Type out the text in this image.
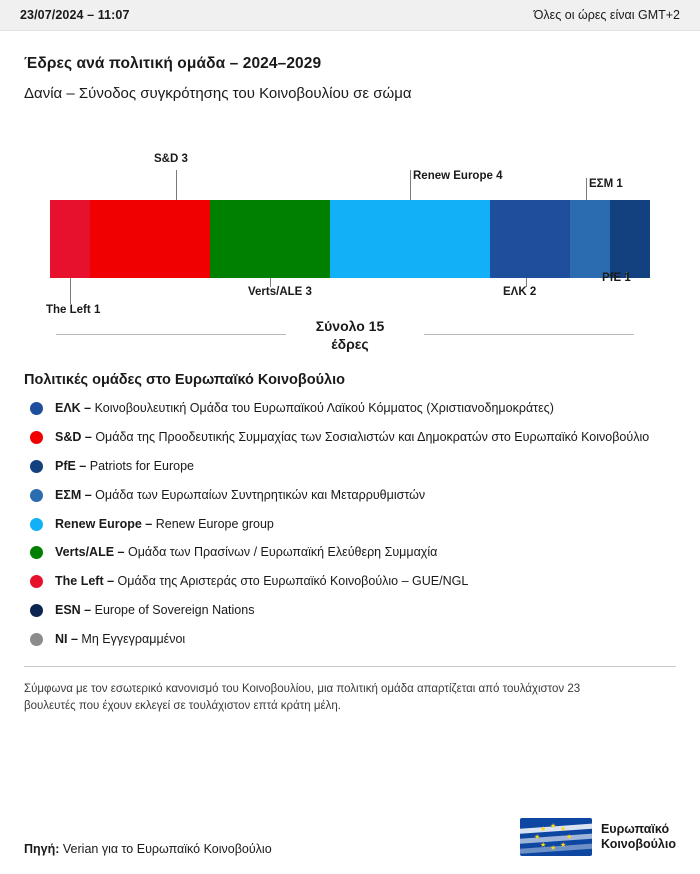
23/07/2024 – 11:07	Όλες οι ώρες είναι GMT+2
Έδρες ανά πολιτική ομάδα – 2024–2029
Δανία – Σύνοδος συγκρότησης του Κοινοβουλίου σε σώμα
S&D 3
Renew Europe 4
ΕΣΜ 1
The Left 1
Verts/ALE 3	ΕΛΚ 2
PfE 1
Σύνολο 15
έδρες
Πολιτικές ομάδες στο Ευρωπαϊκό Κοινοβούλιο
ΕΛΚ – Κοινοβουλευτική Ομάδα του Ευρωπαϊκού Λαϊκού Κόμματος (Χριστιανοδημοκράτες)
S&D – Ομάδα της Προοδευτικής Συμμαχίας των Σοσιαλιστών και Δημοκρατών στο Ευρωπαϊκό Κοινοβούλιο
PfE – Patriots for Europe
ΕΣΜ – Ομάδα των Ευρωπαίων Συντηρητικών και Μεταρρυθμιστών
Renew Europe – Renew Europe group
Verts/ALE – Ομάδα των Πρασίνων / Ευρωπαϊκή Ελεύθερη Συμμαχία
The Left – Ομάδα της Αριστεράς στο Ευρωπαϊκό Κοινοβούλιο – GUE/NGL
ESN – Europe of Sovereign Nations
NI – Μη Εγγεγραμμένοι
Σύμφωνα με τον εσωτερικό κανονισμό του Κοινοβουλίου, μια πολιτική ομάδα απαρτίζεται από τουλάχιστον 23 βουλευτές που έχουν εκλεγεί σε τουλάχιστον επτά κράτη μέλη.
Πηγή: Verian για το Ευρωπαϊκό Κοινοβούλιο
★ ★
★
★
★
★
★
★	Ευρωπαϊκό
Κοινοβούλιο
